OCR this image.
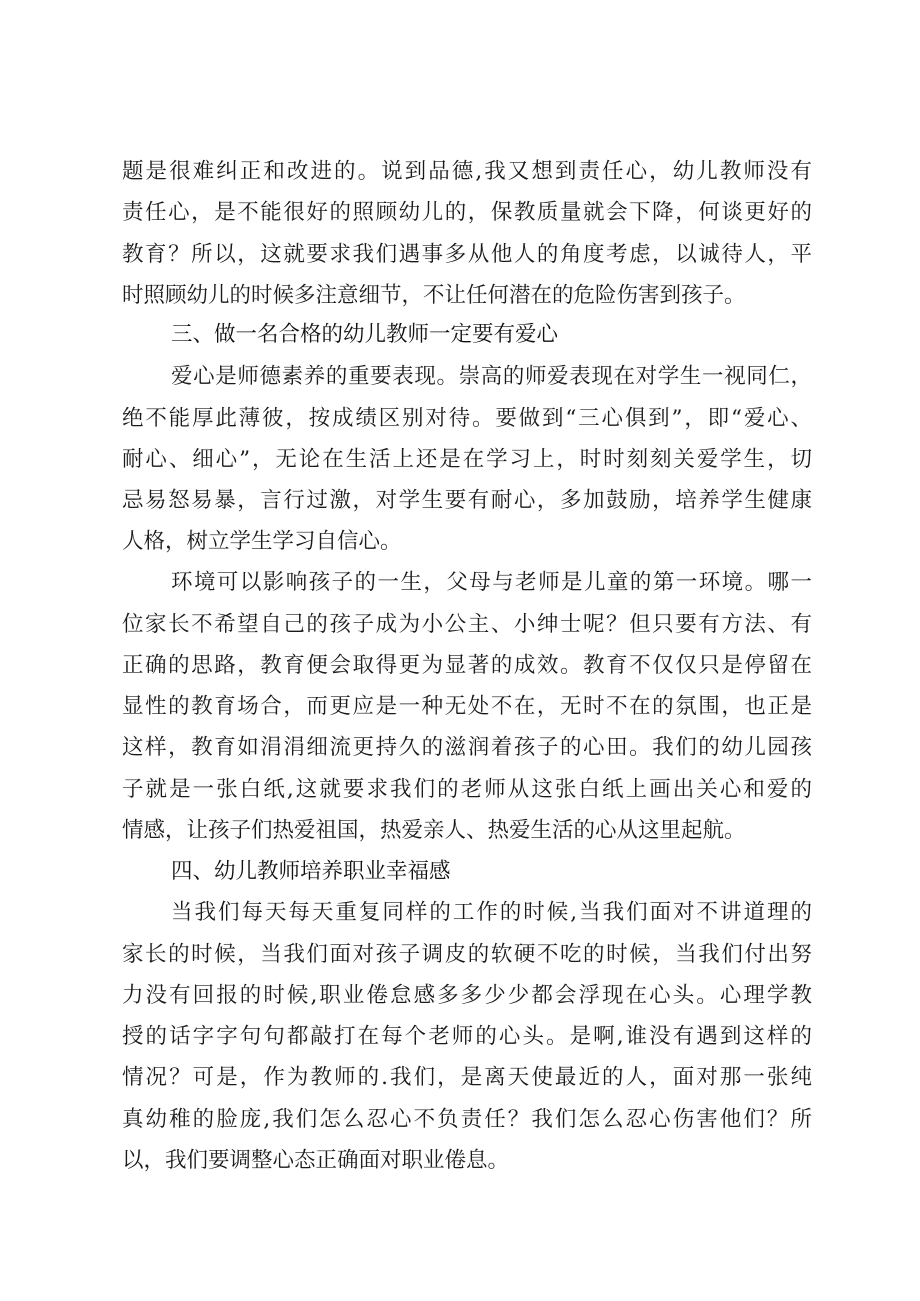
题是很难纠正和改进的。说到品德,我又想到责任心，幼儿教师没有
责任心，是不能很好的照顾幼儿的，保教质量就会下降，何谈更好的
教育？所以，这就要求我们遇事多从他人的角度考虑，以诚待人，平
时照顾幼儿的时候多注意细节，不让任何潜在的危险伤害到孩子。
三、做一名合格的幼儿教师一定要有爱心
爱心是师德素养的重要表现。崇高的师爱表现在对学生一视同仁，
绝不能厚此薄彼，按成绩区别对待。要做到“三心俱到”，即“爱心、
耐心、细心”，无论在生活上还是在学习上，时时刻刻关爱学生，切
忌易怒易暴，言行过激，对学生要有耐心，多加鼓励，培养学生健康
人格，树立学生学习自信心。
环境可以影响孩子的一生，父母与老师是儿童的第一环境。哪一
位家长不希望自己的孩子成为小公主、小绅士呢？但只要有方法、有
正确的思路，教育便会取得更为显著的成效。教育不仅仅只是停留在
显性的教育场合，而更应是一种无处不在，无时不在的氛围，也正是
这样，教育如涓涓细流更持久的滋润着孩子的心田。我们的幼儿园孩
子就是一张白纸,这就要求我们的老师从这张白纸上画出关心和爱的
情感，让孩子们热爱祖国，热爱亲人、热爱生活的心从这里起航。
四、幼儿教师培养职业幸福感
当我们每天每天重复同样的工作的时候,当我们面对不讲道理的
家长的时候，当我们面对孩子调皮的软硬不吃的时候，当我们付出努
力没有回报的时候,职业倦怠感多多少少都会浮现在心头。心理学教
授的话字字句句都敲打在每个老师的心头。是啊,谁没有遇到这样的
情况？可是，作为教师的.我们，是离天使最近的人，面对那一张纯
真幼稚的脸庞,我们怎么忍心不负责任？我们怎么忍心伤害他们？所
以，我们要调整心态正确面对职业倦息。
